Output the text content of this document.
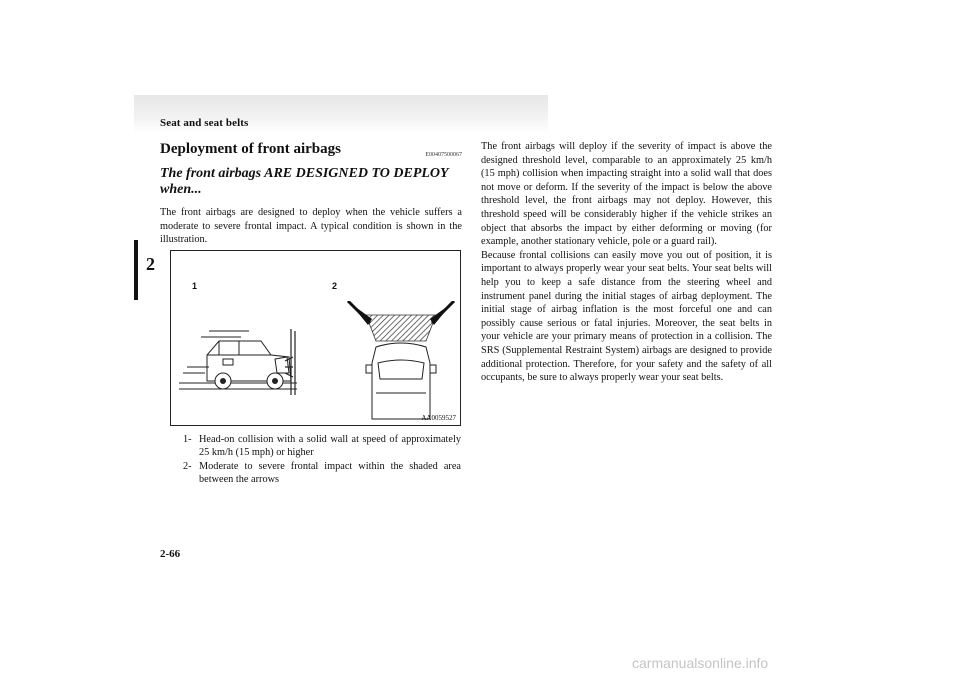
Seat and seat belts
2
Deployment of front airbags	E00407500067
The front airbags ARE DESIGNED TO DEPLOY when...

The front airbags are designed to deploy when the vehicle suffers a moderate to severe frontal impact. A typical condition is shown in the illustration.

1	2
AA0059527
1- Head-on collision with a solid wall at speed of approximately 25 km/h (15 mph) or higher
2- Moderate to severe frontal impact within the shaded area between the arrows

The front airbags will deploy if the severity of impact is above the designed threshold level, comparable to an approximately 25 km/h (15 mph) collision when impacting straight into a solid wall that does not move or deform. If the severity of the impact is below the above threshold level, the front airbags may not deploy. However, this threshold speed will be considerably higher if the vehicle strikes an object that absorbs the impact by either deforming or moving (for example, another stationary vehicle, pole or a guard rail).

Because frontal collisions can easily move you out of position, it is important to always properly wear your seat belts. Your seat belts will help you to keep a safe distance from the steering wheel and instrument panel during the initial stages of airbag deployment. The initial stage of airbag inflation is the most forceful one and can possibly cause serious or fatal injuries. Moreover, the seat belts in your vehicle are your primary means of protection in a collision. The SRS (Supplemental Restraint System) airbags are designed to provide additional protection. Therefore, for your safety and the safety of all occupants, be sure to always properly wear your seat belts.

2-66
carmanualsonline.info
